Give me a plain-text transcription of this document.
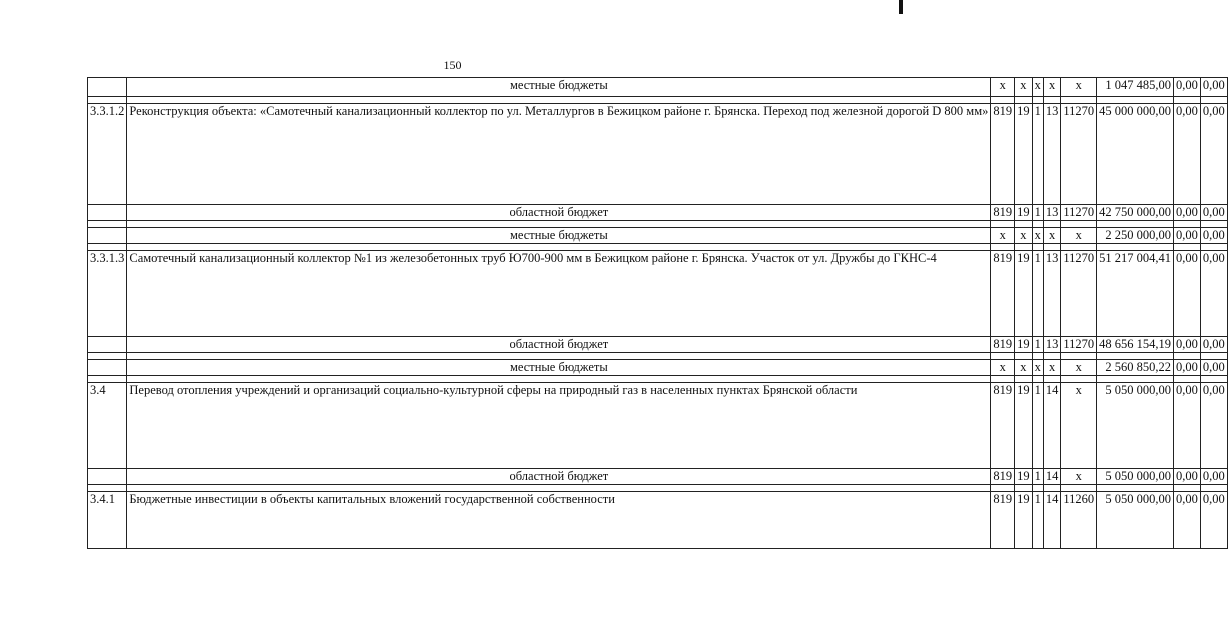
150
	местные бюджеты	х	х	х	х	х	1 047 485,00	0,00	0,00

3.3.1.2	Реконструкция объекта: «Самотечный канализационный коллектор по ул. Металлургов в Бежицком районе г. Брянска. Переход под железной дорогой D 800 мм»	819	19	1	13	11270	45 000 000,00	0,00	0,00
	областной бюджет	819	19	1	13	11270	42 750 000,00	0,00	0,00

	местные бюджеты	х	х	х	х	х	2 250 000,00	0,00	0,00

3.3.1.3	Самотечный канализационный коллектор №1 из железобетонных труб Ю700-900 мм в Бежицком районе г. Брянска. Участок от ул. Дружбы до ГКНС-4	819	19	1	13	11270	51 217 004,41	0,00	0,00
	областной бюджет	819	19	1	13	11270	48 656 154,19	0,00	0,00

	местные бюджеты	х	х	х	х	х	2 560 850,22	0,00	0,00

3.4	Перевод отопления учреждений и организаций социально-культурной сферы на природный газ в населенных пунктах Брянской области	819	19	1	14	х	5 050 000,00	0,00	0,00
	областной бюджет	819	19	1	14	х	5 050 000,00	0,00	0,00

3.4.1	Бюджетные инвестиции в объекты капитальных вложений государственной собственности	819	19	1	14	11260	5 050 000,00	0,00	0,00
